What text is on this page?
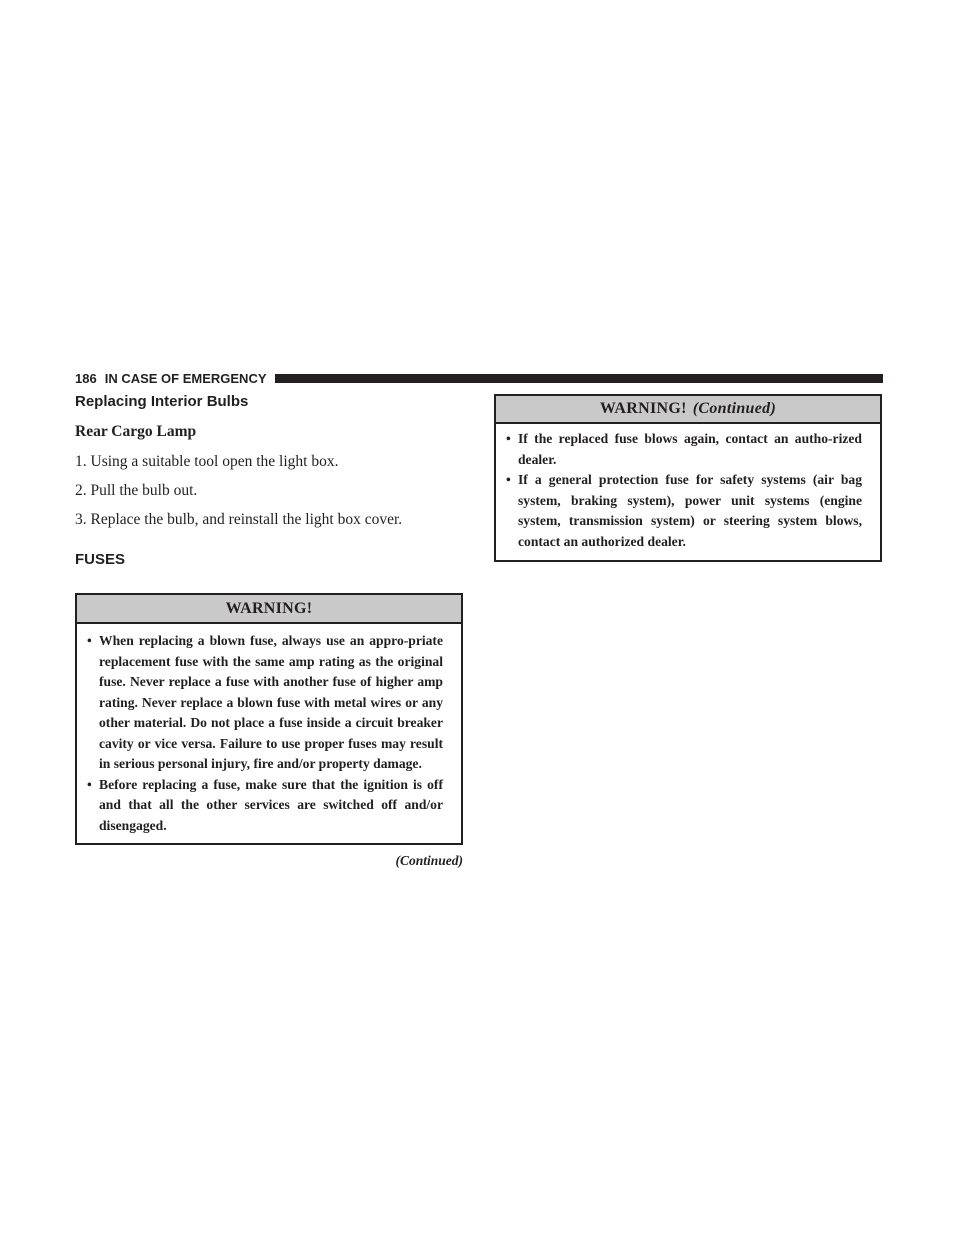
186 IN CASE OF EMERGENCY
Replacing Interior Bulbs
Rear Cargo Lamp

1. Using a suitable tool open the light box.

2. Pull the bulb out.

3. Replace the bulb, and reinstall the light box cover.

FUSES
WARNING!
• When replacing a blown fuse, always use an appro-priate replacement fuse with the same amp rating as the original fuse. Never replace a fuse with another fuse of higher amp rating. Never replace a blown fuse with metal wires or any other material. Do not place a fuse inside a circuit breaker cavity or vice versa. Failure to use proper fuses may result in serious personal injury, fire and/or property damage.
• Before replacing a fuse, make sure that the ignition is off and that all the other services are switched off and/or disengaged.
(Continued)
WARNING! (Continued)
• If the replaced fuse blows again, contact an autho-rized dealer.
• If a general protection fuse for safety systems (air bag system, braking system), power unit systems (engine system, transmission system) or steering system blows, contact an authorized dealer.
